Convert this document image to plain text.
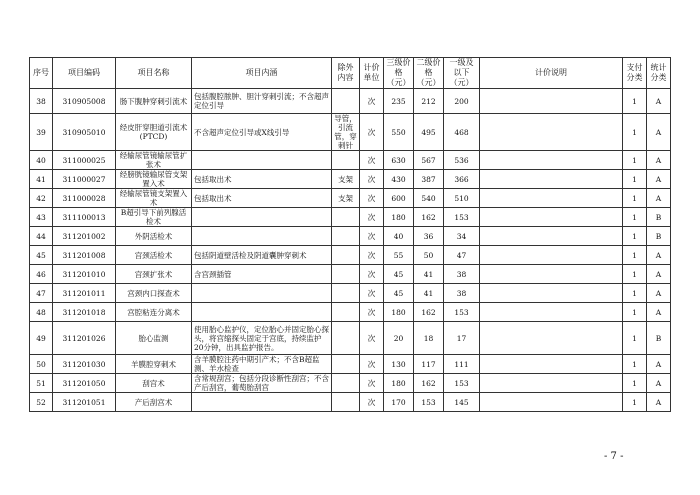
序号	项目编码	项目名称	项目内涵	除外内容	计价单位	三级价格（元）	二级价格（元）	一级及以下（元）	计价说明	支付分类	统计分类
38	310905008	肠下腹肿穿刺引流术	包括腹腔脓肿、胆汁穿刺引流；不含超声定位引导		次	235	212	200		1	A
39	310905010	经皮肝穿胆道引流术(PTCD)	不含超声定位引导或X线引导	导管，引流管，穿刺针	次	550	495	468		1	A
40	311000025	经输尿管镜输尿管扩张术			次	630	567	536		1	A
41	311000027	经膀胱镜输尿管支架置入术	包括取出术	支架	次	430	387	366		1	A
42	311000028	经输尿管镜支架置入术	包括取出术	支架	次	600	540	510		1	A
43	311100013	B超引导下前列腺活检术			次	180	162	153		1	B
44	311201002	外阴活检术			次	40	36	34		1	B
45	311201008	宫颈活检术	包括阴道壁活检及阴道囊肿穿刺术		次	55	50	47		1	A
46	311201010	宫颈扩张术	含宫颈插管		次	45	41	38		1	A
47	311201011	宫颈内口探查术			次	45	41	38		1	A
48	311201018	宫腔粘连分离术			次	180	162	153		1	A
49	311201026	胎心监测	使用胎心监护仪，定位胎心并固定胎心探头，将宫缩探头固定于宫底，持续监护20分钟，出具监护报告。		次	20	18	17		1	B
50	311201030	羊膜腔穿刺术	含羊膜腔注药中期引产术；不含B超监测、羊水检查		次	130	117	111		1	A
51	311201050	刮宫术	含常规刮宫；包括分段诊断性刮宫；不含产后刮宫，葡萄胎刮宫		次	180	162	153		1	A
52	311201051	产后刮宫术			次	170	153	145		1	A
- 7 -
